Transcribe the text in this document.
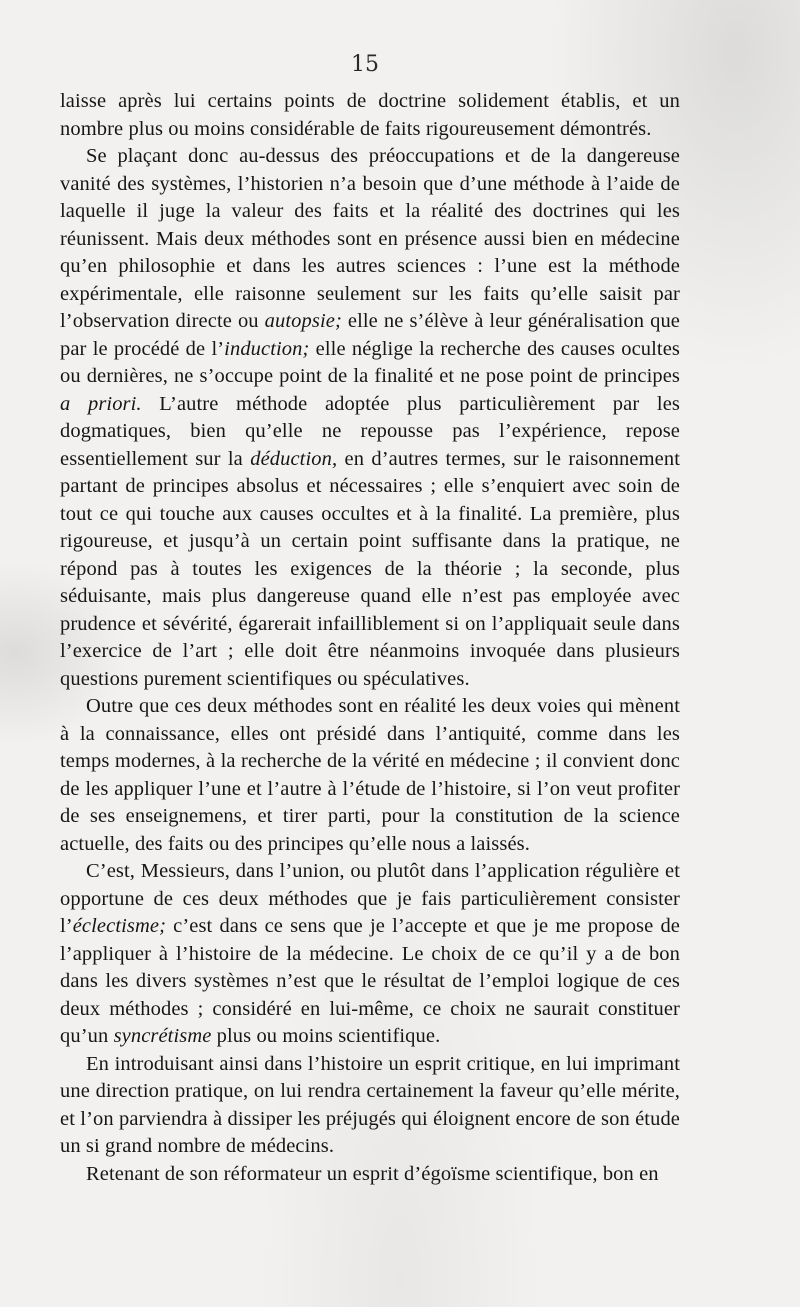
15

laisse après lui certains points de doctrine solidement établis, et un nombre plus ou moins considérable de faits rigoureusement démontrés.

Se plaçant donc au-dessus des préoccupations et de la dangereuse vanité des systèmes, l’historien n’a besoin que d’une méthode à l’aide de laquelle il juge la valeur des faits et la réalité des doctrines qui les réunissent. Mais deux méthodes sont en présence aussi bien en médecine qu’en philosophie et dans les autres sciences : l’une est la méthode expérimentale, elle raisonne seulement sur les faits qu’elle saisit par l’observation directe ou autopsie; elle ne s’élève à leur généralisation que par le procédé de l’induction; elle néglige la recherche des causes ocultes ou dernières, ne s’occupe point de la finalité et ne pose point de principes a priori. L’autre méthode adoptée plus particulièrement par les dogmatiques, bien qu’elle ne repousse pas l’expérience, repose essentiellement sur la déduction, en d’autres termes, sur le raisonnement partant de principes absolus et nécessaires ; elle s’enquiert avec soin de tout ce qui touche aux causes occultes et à la finalité. La première, plus rigoureuse, et jusqu’à un certain point suffisante dans la pratique, ne répond pas à toutes les exigences de la théorie ; la seconde, plus séduisante, mais plus dangereuse quand elle n’est pas employée avec prudence et sévérité, égarerait infailliblement si on l’appliquait seule dans l’exercice de l’art ; elle doit être néanmoins invoquée dans plusieurs questions purement scientifiques ou spéculatives.

Outre que ces deux méthodes sont en réalité les deux voies qui mènent à la connaissance, elles ont présidé dans l’antiquité, comme dans les temps modernes, à la recherche de la vérité en médecine ; il convient donc de les appliquer l’une et l’autre à l’étude de l’histoire, si l’on veut profiter de ses enseignemens, et tirer parti, pour la constitution de la science actuelle, des faits ou des principes qu’elle nous a laissés.

C’est, Messieurs, dans l’union, ou plutôt dans l’application régulière et opportune de ces deux méthodes que je fais particulièrement consister l’éclectisme; c’est dans ce sens que je l’accepte et que je me propose de l’appliquer à l’histoire de la médecine. Le choix de ce qu’il y a de bon dans les divers systèmes n’est que le résultat de l’emploi logique de ces deux méthodes ; considéré en lui-même, ce choix ne saurait constituer qu’un syncrétisme plus ou moins scientifique.

En introduisant ainsi dans l’histoire un esprit critique, en lui imprimant une direction pratique, on lui rendra certainement la faveur qu’elle mérite, et l’on parviendra à dissiper les préjugés qui éloignent encore de son étude un si grand nombre de médecins.

Retenant de son réformateur un esprit d’égoïsme scientifique, bon en
